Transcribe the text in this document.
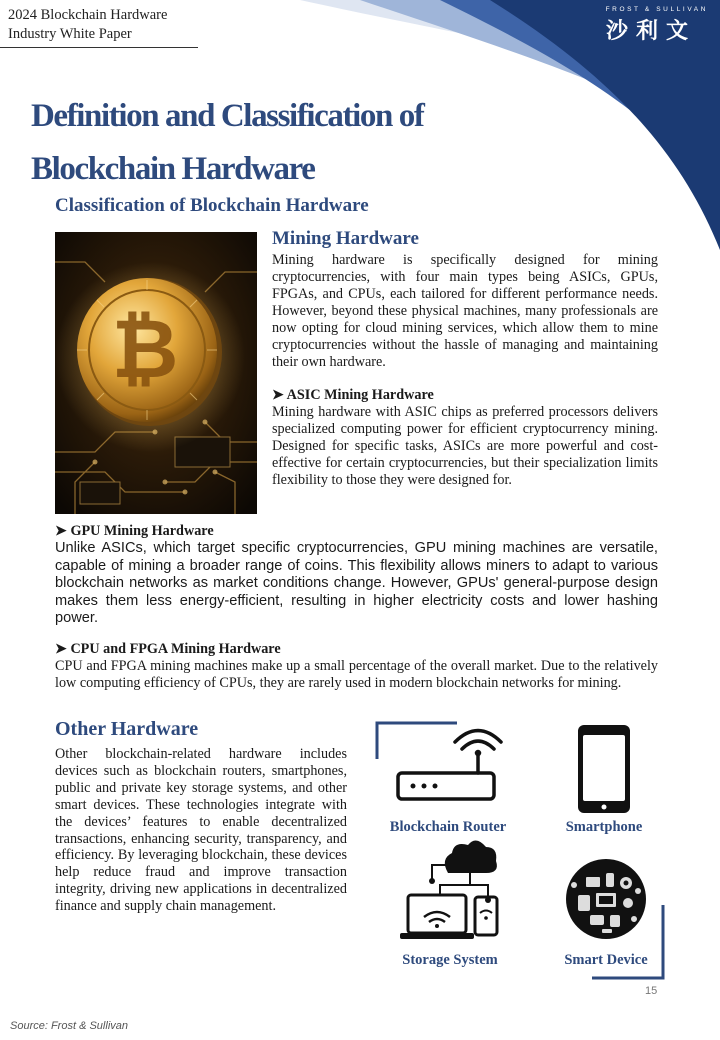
FROST & SULLIVAN
沙利文
2024 Blockchain Hardware
Industry White Paper
Definition and Classification of
Blockchain Hardware
Classification of Blockchain Hardware
₿
Mining Hardware
Mining hardware is specifically designed for mining cryptocurrencies, with four main types being ASICs, GPUs, FPGAs, and CPUs, each tailored for different performance needs. However, beyond these physical machines, many professionals are now opting for cloud mining services, which allow them to mine cryptocurrencies without the hassle of managing and maintaining their own hardware.
➤ ASIC Mining Hardware
Mining hardware with ASIC chips as preferred processors delivers specialized computing power for efficient cryptocurrency mining. Designed for specific tasks, ASICs are more powerful and cost-effective for certain cryptocurrencies, but their specialization limits flexibility to those they were designed for.
➤ GPU Mining Hardware
Unlike ASICs, which target specific cryptocurrencies, GPU mining machines are versatile, capable of mining a broader range of coins. This flexibility allows miners to adapt to various blockchain networks as market conditions change. However, GPUs' general-purpose design makes them less energy-efficient, resulting in higher electricity costs and lower hashing power.
➤ CPU and FPGA Mining Hardware
CPU and FPGA mining machines make up a small percentage of the overall market. Due to the relatively low computing efficiency of CPUs, they are rarely used in modern blockchain networks for mining.
Other Hardware
Other blockchain-related hardware includes devices such as blockchain routers, smartphones, public and private key storage systems, and other smart devices. These technologies integrate with the devices’ features to enable decentralized transactions, enhancing security, transparency, and efficiency. By leveraging blockchain, these devices help reduce fraud and improve transaction integrity, driving new applications in decentralized finance and supply chain management.
Blockchain Router	Smartphone
Storage System	Smart Device
15
Source: Frost & Sullivan
